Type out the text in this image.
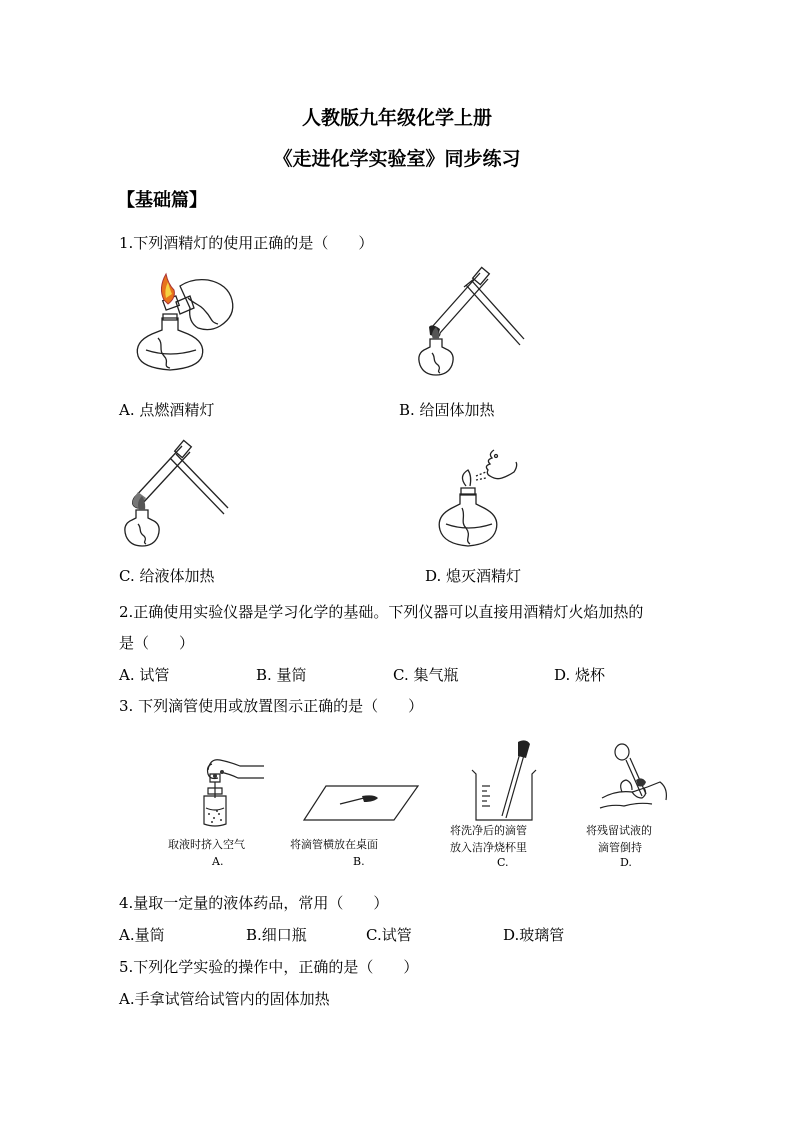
人教版九年级化学上册
《走进化学实验室》同步练习
【基础篇】
1.下列酒精灯的使用正确的是（　　）
A. 点燃酒精灯	B. 给固体加热
C. 给液体加热	D. 熄灭酒精灯
2.正确使用实验仪器是学习化学的基础。下列仪器可以直接用酒精灯火焰加热的
是（　　）
A. 试管	B. 量筒	C. 集气瓶	D. 烧杯
3. 下列滴管使用或放置图示正确的是（　　）
取液时挤入空气
A.
将滴管横放在桌面
B.
将洗净后的滴管
放入洁净烧杯里
C.
将残留试液的
滴管倒持
D.
4.量取一定量的液体药品，常用（　　）
A.量筒	B.细口瓶	C.试管	D.玻璃管
5.下列化学实验的操作中，正确的是（　　）
A.手拿试管给试管内的固体加热
